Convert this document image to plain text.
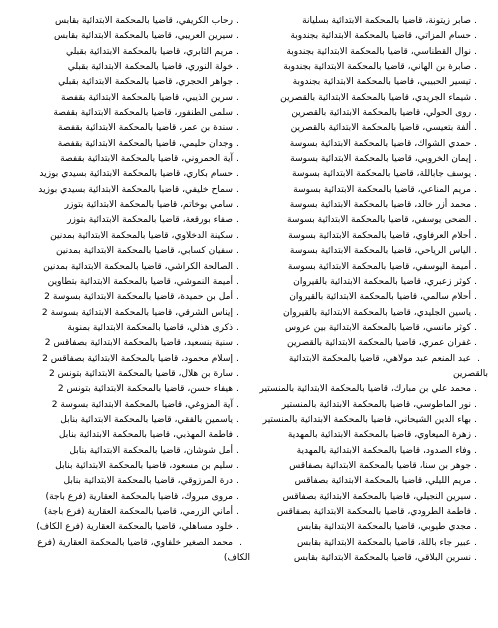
.صابر زيتونة، قاضيا بالمحكمة الابتدائية بسليانة
.حسام المزاتي، قاضيا بالمحكمة الابتدائية بجندوبة
.نوال القطناسي، قاضيا بالمحكمة الابتدائية بجندوبة
.صابرة بن الهاني، قاضيا بالمحكمة الابتدائية بجندوبة
.تيسير الحبيبي، قاضيا بالمحكمة الابتدائية بجندوبة
.شيماء الجريدي، قاضيا بالمحكمة الابتدائية بالقصرين
.روى الحولي، قاضيا بالمحكمة الابتدائية بالقصرين
.ألفة بتعيسي، قاضيا بالمحكمة الابتدائية بالقصرين
.حمدي الشواك، قاضيا بالمحكمة الابتدائية بسوسة
.إيمان الخروبي، قاضيا بالمحكمة الابتدائية بسوسة
.يوسف جاباللة، قاضيا بالمحكمة الابتدائية بسوسة
.مريم المناعي، قاضيا بالمحكمة الابتدائية بسوسة
.محمد أزر خالد، قاضيا بالمحكمة الابتدائية بسوسة
.الضحى يوسفي، قاضيا بالمحكمة الابتدائية بسوسة
.أحلام العرفاوي، قاضيا بالمحكمة الابتدائية بسوسة
.الياس الرياحي، قاضيا بالمحكمة الابتدائية بسوسة
.أميمة اليوسفي، قاضيا بالمحكمة الابتدائية بسوسة
.كوثر زعبري، قاضيا بالمحكمة الابتدائية بالقيروان
.أحلام سالمي، قاضيا بالمحكمة الابتدائية بالقيروان
.ياسين الجليدي، قاضيا بالمحكمة الابتدائية بالقيروان
.كوثر مانسي، قاضيا بالمحكمة الابتدائية بين عروس
.غفران عمري، قاضيا بالمحكمة الابتدائية بالقصرين
.عبد المنعم عبد مولاهي، قاضيا بالمحكمة الابتدائية
بالقصرين
.محمد علي بن مبارك، قاضيا بالمحكمة الابتدائية بالمنستير
.نور الماطوسي، قاضيا بالمحكمة الابتدائية بالمنستير
.بهاء الدين الشيحاني، قاضيا بالمحكمة الابتدائية بالمنستير
.زهرة الميعاوي، قاضيا بالمحكمة الابتدائية بالمهدية
.وفاء الصدود، قاضيا بالمحكمة الابتدائية بالمهدية
.جوهر بن سنا، قاضيا بالمحكمة الابتدائية بصفاقس
.مريم الليلي، قاضيا بالمحكمة الابتدائية بصفاقس
.سيرين النجيلي، قاضيا بالمحكمة الابتدائية بصفاقس
.فاطمة الطرودي، قاضيا بالمحكمة الابتدائية بصفاقس
.مجدي طيوبي، قاضيا بالمحكمة الابتدائية بقابس
.عبير جاء باللة، قاضيا بالمحكمة الابتدائية بقابس
.نسرين البلاقي، قاضيا بالمحكمة الابتدائية بقابس
.رحاب الكريفي، قاضيا بالمحكمة الابتدائية بقابس
.سيرين العريبي، قاضيا بالمحكمة الابتدائية بقابس
.مريم الثابري، قاضيا بالمحكمة الابتدائية بقبلي
.خولة النوري، قاضيا بالمحكمة الابتدائية بقبلي
.جواهر الحجري، قاضيا بالمحكمة الابتدائية بقبلي
.سرين الذيبي، قاضيا بالمحكمة الابتدائية بقفصة
.سلمى الطنفور، قاضيا بالمحكمة الابتدائية بقفصة
.سندة بن عمر، قاضيا بالمحكمة الابتدائية بقفصة
.وجدان حليمي، قاضيا بالمحكمة الابتدائية بقفصة
.آية الحمروني، قاضيا بالمحكمة الابتدائية بقفصة
.حسام بكاري، قاضيا بالمحكمة الابتدائية بسيدي بوزيد
.سماح خليفي، قاضيا بالمحكمة الابتدائية بسيدي بوزيد
.سامي بوخاتم، قاضيا بالمحكمة الابتدائية بتوزر
.صفاء بورقعة، قاضيا بالمحكمة الابتدائية بتوزر
.سكينة الدخلاوي، قاضيا بالمحكمة الابتدائية بمدنين
.سفيان كسابي، قاضيا بالمحكمة الابتدائية بمدنين
.الصالحة الكراشي، قاضيا بالمحكمة الابتدائية بمدنين
.أميمة النموشي، قاضيا بالمحكمة الابتدائية بتطاوين
.أمل بن حميدة، قاضيا بالمحكمة الابتدائية بسوسة 2
.إيناس الشرقي، قاضيا بالمحكمة الابتدائية بسوسة 2
.ذكرى هذلي، قاضيا بالمحكمة الابتدائية بمنوبة
.سنية بنسعيد، قاضيا بالمحكمة الابتدائية بصفاقس 2
.إسلام محمود، قاضيا بالمحكمة الابتدائية بصفاقس 2
.سارة بن هلال، قاضيا بالمحكمة الابتدائية بتونس 2
.هيفاء حسن، قاضيا بالمحكمة الابتدائية بتونس 2
.آية المزوغي، قاضيا بالمحكمة الابتدائية بسوسة 2
.ياسمين بالفقي، قاضيا بالمحكمة الابتدائية بنابل
.فاطمة المهذبي، قاضيا بالمحكمة الابتدائية بنابل
.أمل شوشان، قاضيا بالمحكمة الابتدائية بنابل
.سليم بن مسعود، قاضيا بالمحكمة الابتدائية بنابل
.درة المرزوقي، قاضيا بالمحكمة الابتدائية بنابل
.مروى مبروك، قاضيا بالمحكمة العقارية (فرع باجة)
.أماني الزرمي، قاضيا بالمحكمة العقارية (فرع باجة)
.خلود مساهلي، قاضيا بالمحكمة العقارية (فرع الكاف)
.محمد الصغير خلفاوي، قاضيا بالمحكمة العقارية (فرع
الكاف)
